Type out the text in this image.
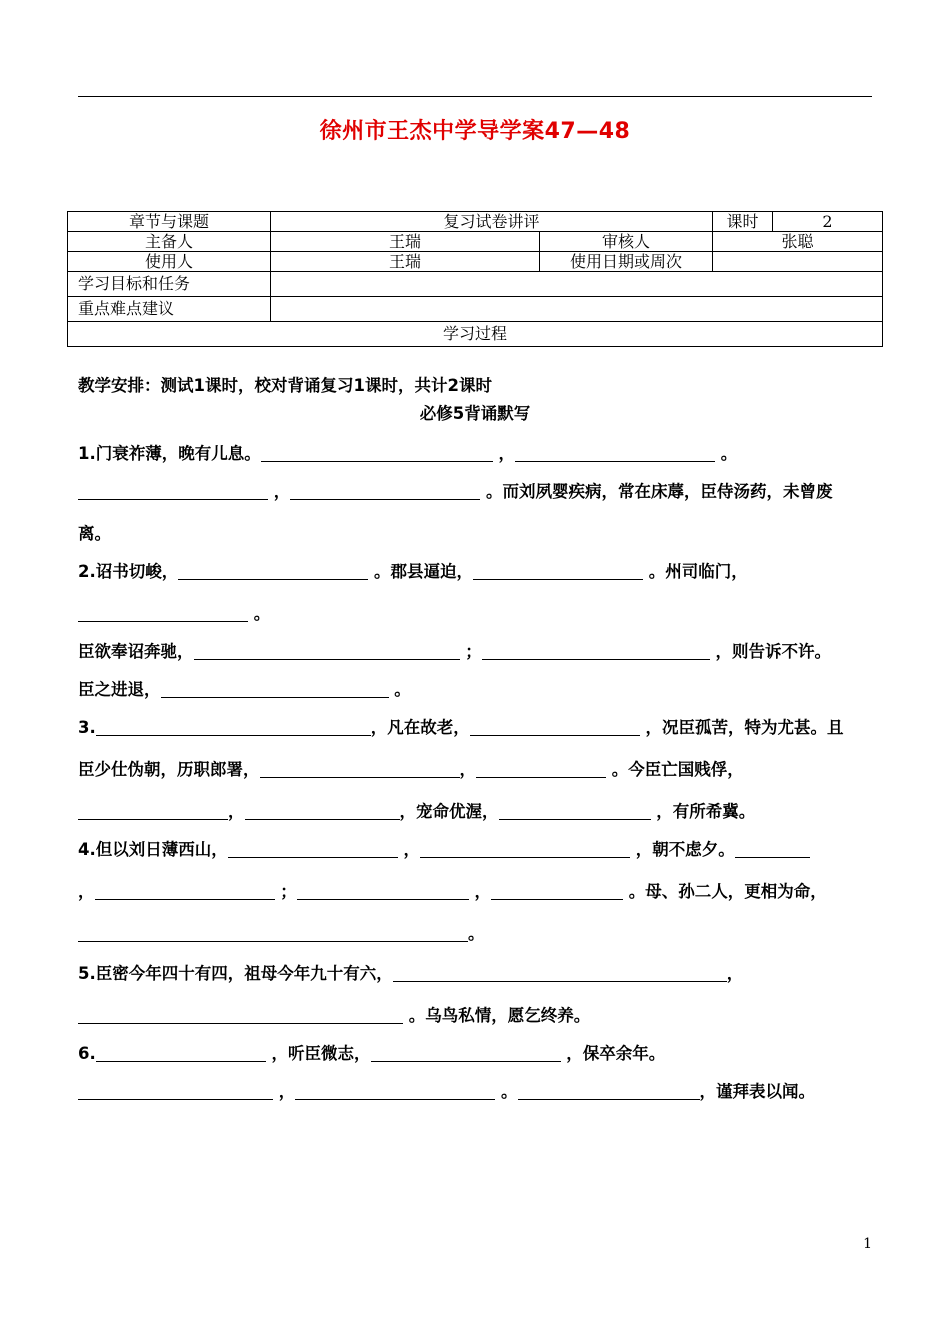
徐州市王杰中学导学案47—48
章节与课题	复习试卷讲评		课时	2
主备人	王瑞	审核人	张聪	
使用人	王瑞	使用日期或周次		
学习目标和任务				
重点难点建议				
学习过程				
教学安排：测试1课时，校对背诵复习1课时，共计2课时
必修5背诵默写
1.门衰祚薄，晚有儿息。	，	。
，	。而刘夙婴疾病，常在床蓐，臣侍汤药，未曾废
离。
2.诏书切峻，	。郡县逼迫，	。州司临门，
。
臣欲奉诏奔驰，	；	，则告诉不许。
臣之进退，	。
3.	，凡在故老，	，况臣孤苦，特为尤甚。且
臣少仕伪朝，历职郎署，	，	。今臣亡国贱俘，
，	，宠命优渥，	，有所希冀。
4.但以刘日薄西山，	，	，朝不虑夕。
，	；	，	。母、孙二人，更相为命，
。
5.臣密今年四十有四，祖母今年九十有六，	，
。乌鸟私情，愿乞终养。
6.	，听臣微志，	，保卒余年。
，	。	，谨拜表以闻。
1
